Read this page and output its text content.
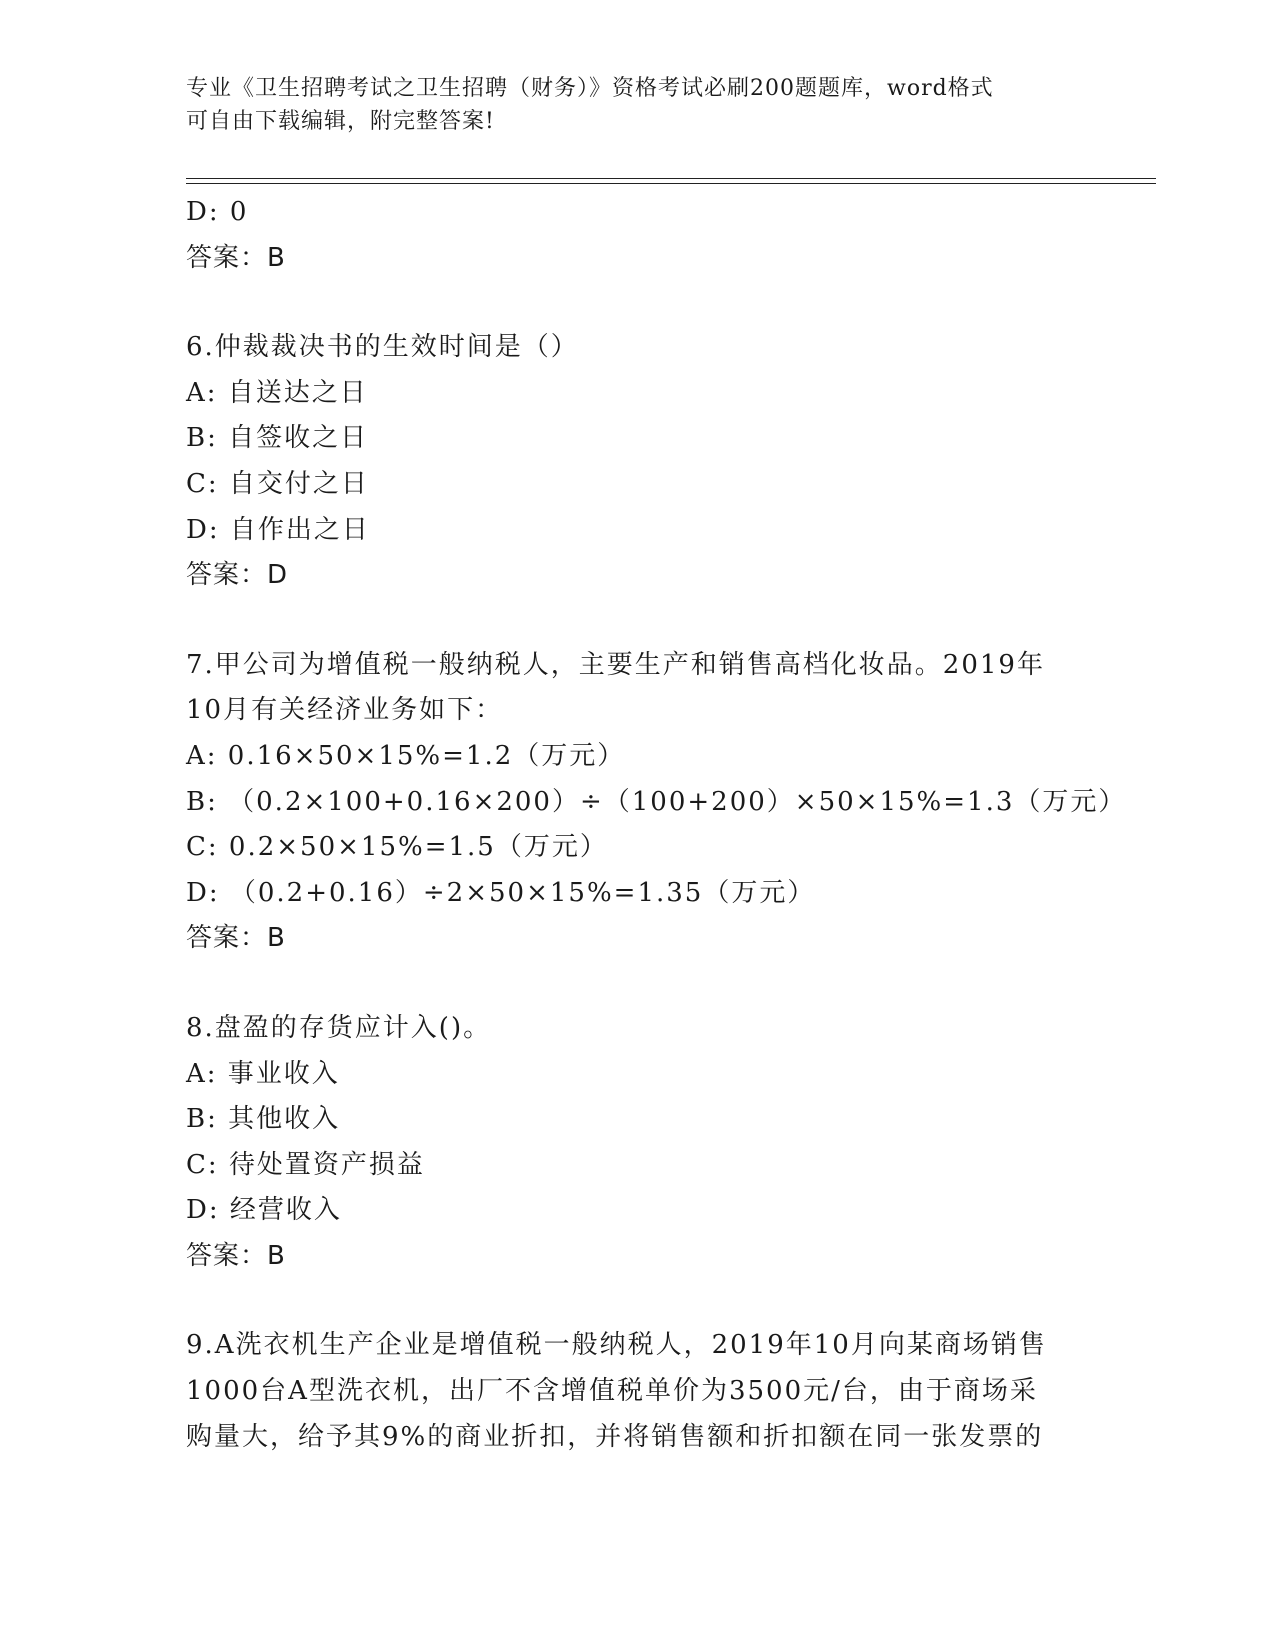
专业《卫生招聘考试之卫生招聘（财务）》资格考试必刷200题题库，word格式
可自由下载编辑，附完整答案!
D: 0
答案：B
6.仲裁裁决书的生效时间是（）
A: 自送达之日
B: 自签收之日
C: 自交付之日
D: 自作出之日
答案：D
7.甲公司为增值税一般纳税人，主要生产和销售高档化妆品。2019年
10月有关经济业务如下：
A: 0.16×50×15%=1.2（万元）
B: （0.2×100+0.16×200）÷（100+200）×50×15%=1.3（万元）
C: 0.2×50×15%=1.5（万元）
D: （0.2+0.16）÷2×50×15%=1.35（万元）
答案：B
8.盘盈的存货应计入()。
A: 事业收入
B: 其他收入
C: 待处置资产损益
D: 经营收入
答案：B
9.A洗衣机生产企业是增值税一般纳税人，2019年10月向某商场销售
1000台A型洗衣机，出厂不含增值税单价为3500元/台，由于商场采
购量大，给予其9%的商业折扣，并将销售额和折扣额在同一张发票的
